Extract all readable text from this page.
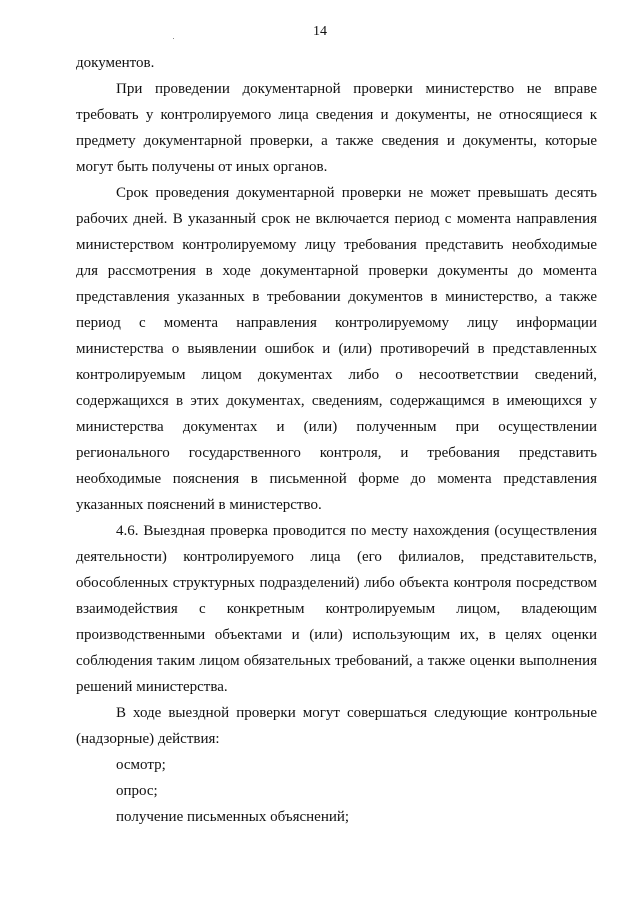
14

документов.

При проведении документарной проверки министерство не вправе требовать у контролируемого лица сведения и документы, не относящиеся к предмету документарной проверки, а также сведения и документы, которые могут быть получены от иных органов.

Срок проведения документарной проверки не может превышать десять рабочих дней. В указанный срок не включается период с момента направления министерством контролируемому лицу требования представить необходимые для рассмотрения в ходе документарной проверки документы до момента представления указанных в требовании документов в министерство, а также период с момента направления контролируемому лицу информации министерства о выявлении ошибок и (или) противоречий в представленных контролируемым лицом документах либо о несоответствии сведений, содержащихся в этих документах, сведениям, содержащимся в имеющихся у министерства документах и (или) полученным при осуществлении регионального государственного контроля, и требования представить необходимые пояснения в письменной форме до момента представления указанных пояснений в министерство.

4.6. Выездная проверка проводится по месту нахождения (осуществления деятельности) контролируемого лица (его филиалов, представительств, обособленных структурных подразделений) либо объекта контроля посредством взаимодействия с конкретным контролируемым лицом, владеющим производственными объектами и (или) использующим их, в целях оценки соблюдения таким лицом обязательных требований, а также оценки выполнения решений министерства.

В ходе выездной проверки могут совершаться следующие контрольные (надзорные) действия:

осмотр;

опрос;

получение письменных объяснений;
